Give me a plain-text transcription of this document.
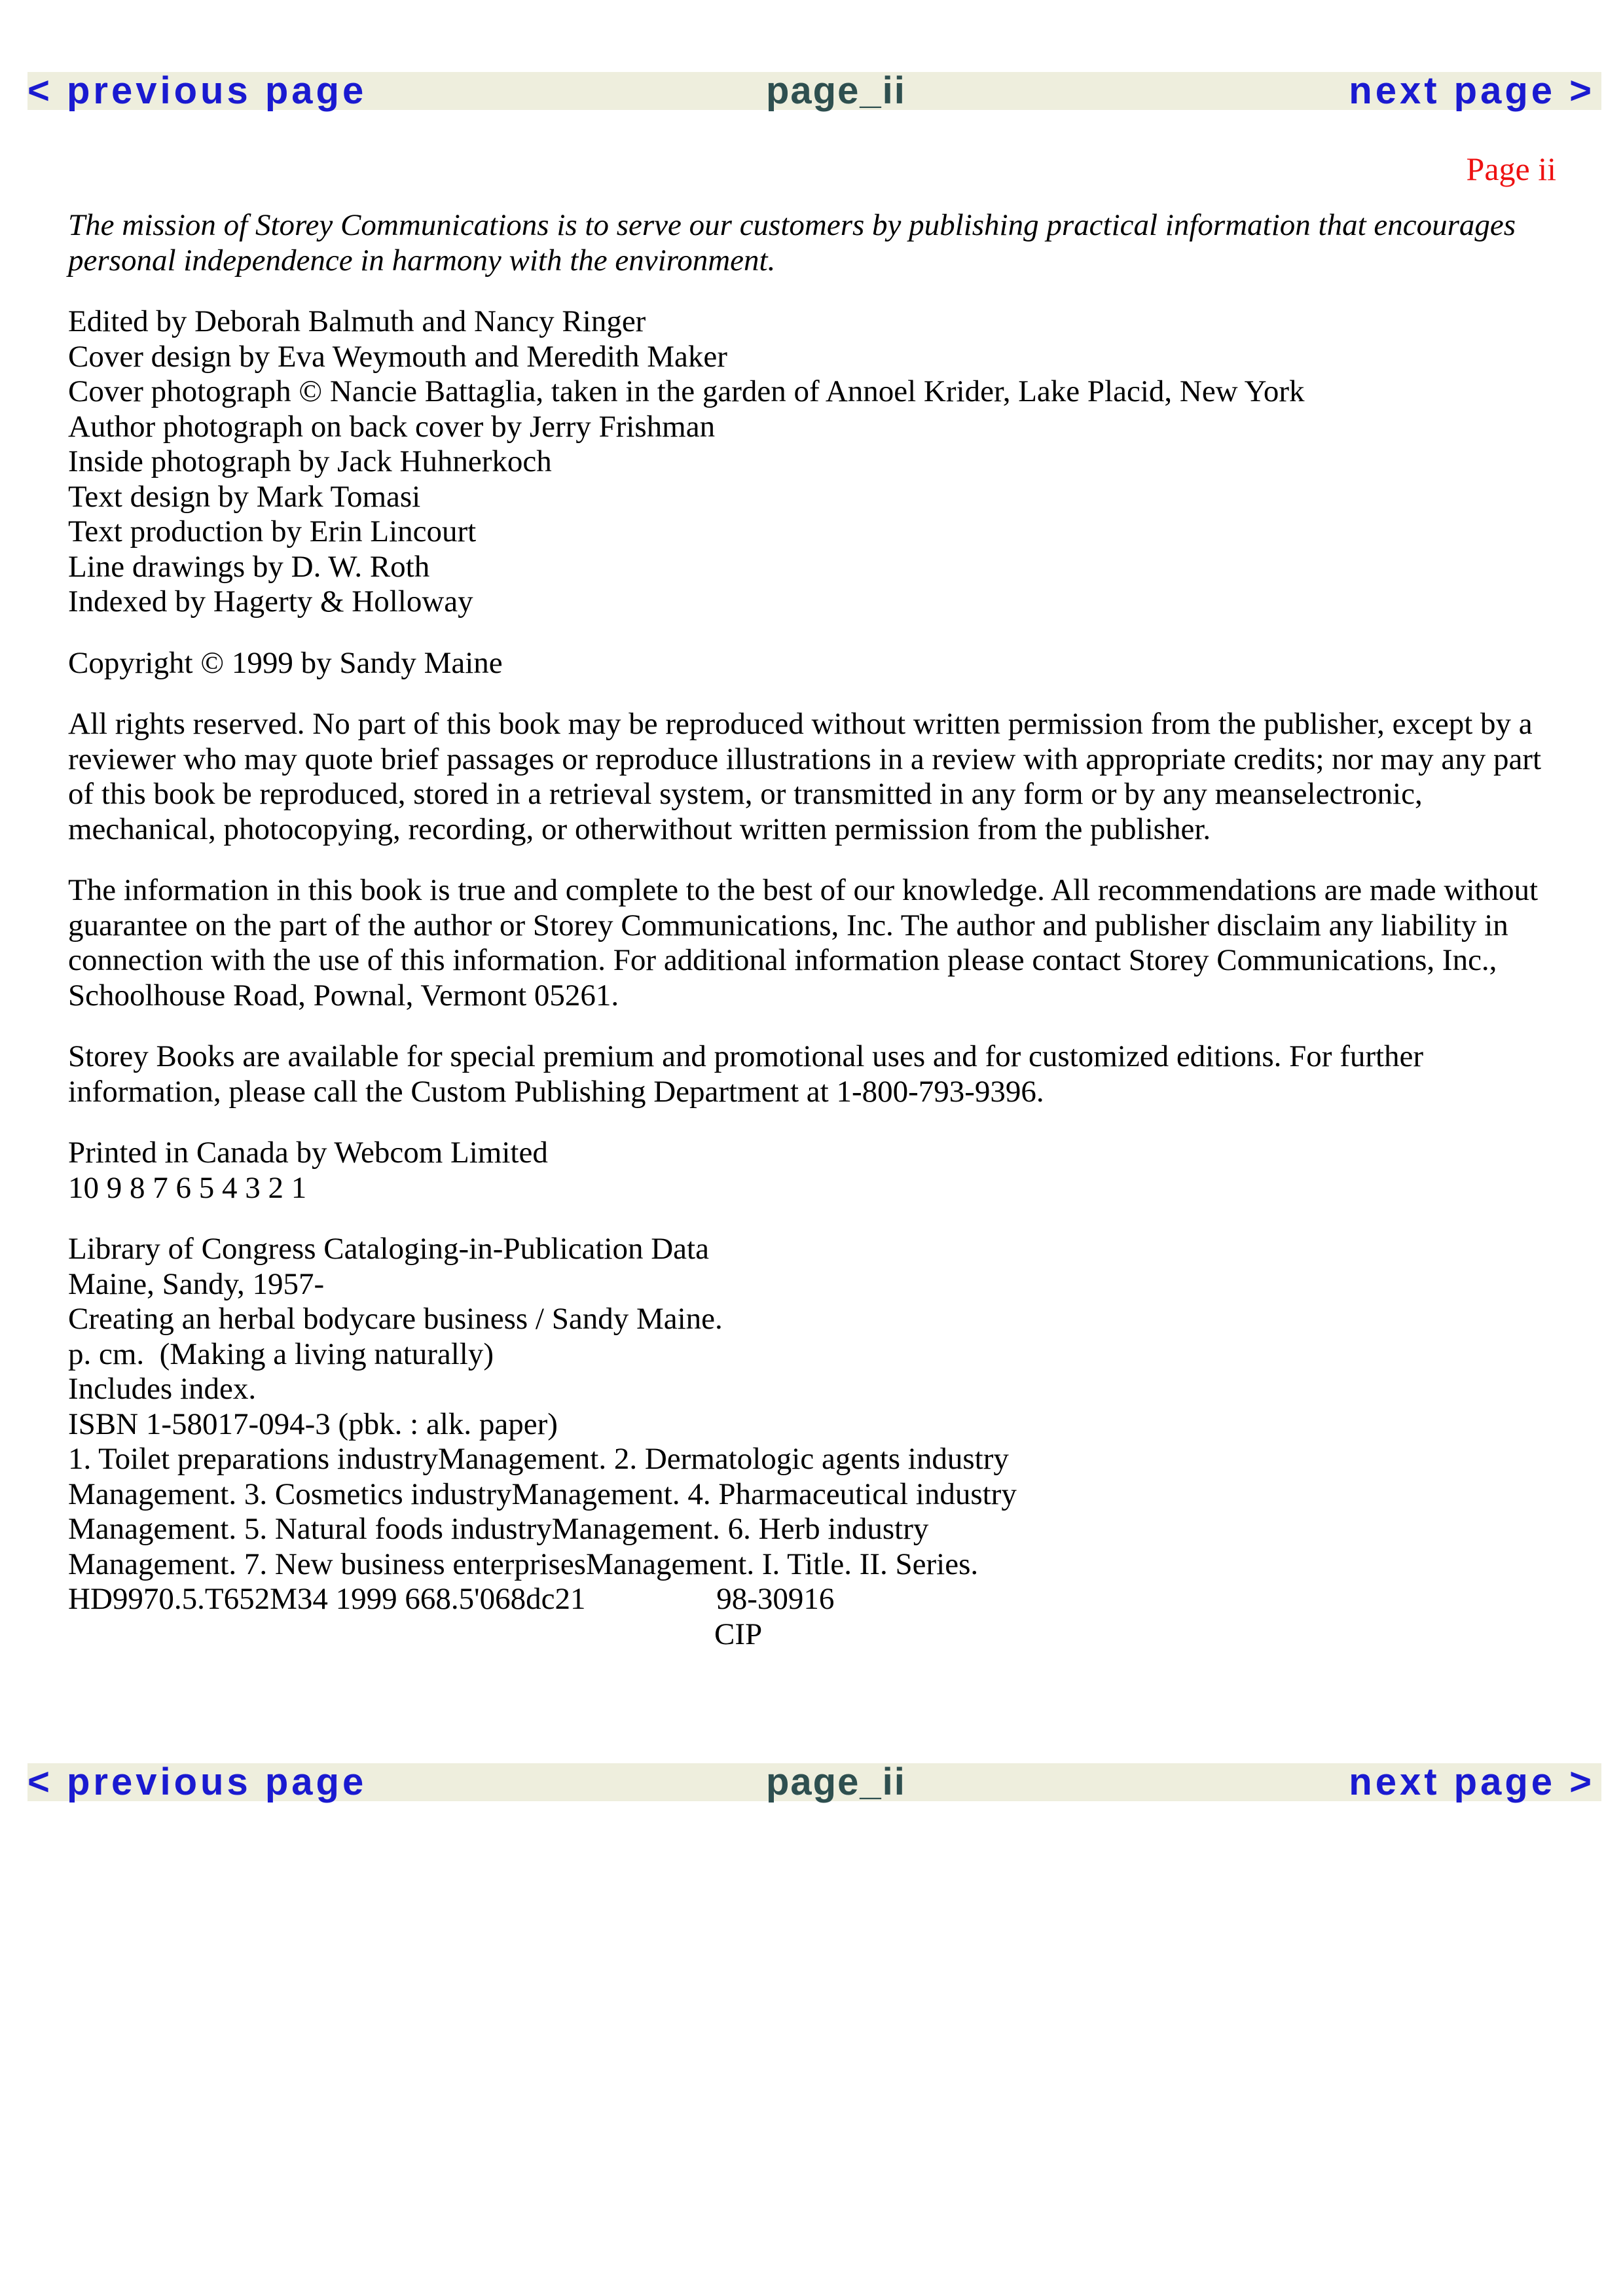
< previous page	page_ii	next page >
Page ii

The mission of Storey Communications is to serve our customers by publishing practical information that encourages personal independence in harmony with the environment.

Edited by Deborah Balmuth and Nancy Ringer
Cover design by Eva Weymouth and Meredith Maker
Cover photograph © Nancie Battaglia, taken in the garden of Annoel Krider, Lake Placid, New York
Author photograph on back cover by Jerry Frishman
Inside photograph by Jack Huhnerkoch
Text design by Mark Tomasi
Text production by Erin Lincourt
Line drawings by D. W. Roth
Indexed by Hagerty & Holloway

Copyright © 1999 by Sandy Maine

All rights reserved. No part of this book may be reproduced without written permission from the publisher, except by a reviewer who may quote brief passages or reproduce illustrations in a review with appropriate credits; nor may any part of this book be reproduced, stored in a retrieval system, or transmitted in any form or by any meanselectronic, mechanical, photocopying, recording, or otherwithout written permission from the publisher.

The information in this book is true and complete to the best of our knowledge. All recommendations are made without guarantee on the part of the author or Storey Communications, Inc. The author and publisher disclaim any liability in connection with the use of this information. For additional information please contact Storey Communications, Inc., Schoolhouse Road, Pownal, Vermont 05261.

Storey Books are available for special premium and promotional uses and for customized editions. For further information, please call the Custom Publishing Department at 1-800-793-9396.

Printed in Canada by Webcom Limited
10 9 8 7 6 5 4 3 2 1

Library of Congress Cataloging-in-Publication Data
Maine, Sandy, 1957-
Creating an herbal bodycare business / Sandy Maine.
p. cm.  (Making a living naturally)
Includes index.
ISBN 1-58017-094-3 (pbk. : alk. paper)
1. Toilet preparations industryManagement. 2. Dermatologic agents industry
Management. 3. Cosmetics industryManagement. 4. Pharmaceutical industry
Management. 5. Natural foods industryManagement. 6. Herb industry
Management. 7. New business enterprisesManagement. I. Title. II. Series.
HD9970.5.T652M34 1999 668.5'068dc21                 98-30916
CIP

< previous page	page_ii	next page >
